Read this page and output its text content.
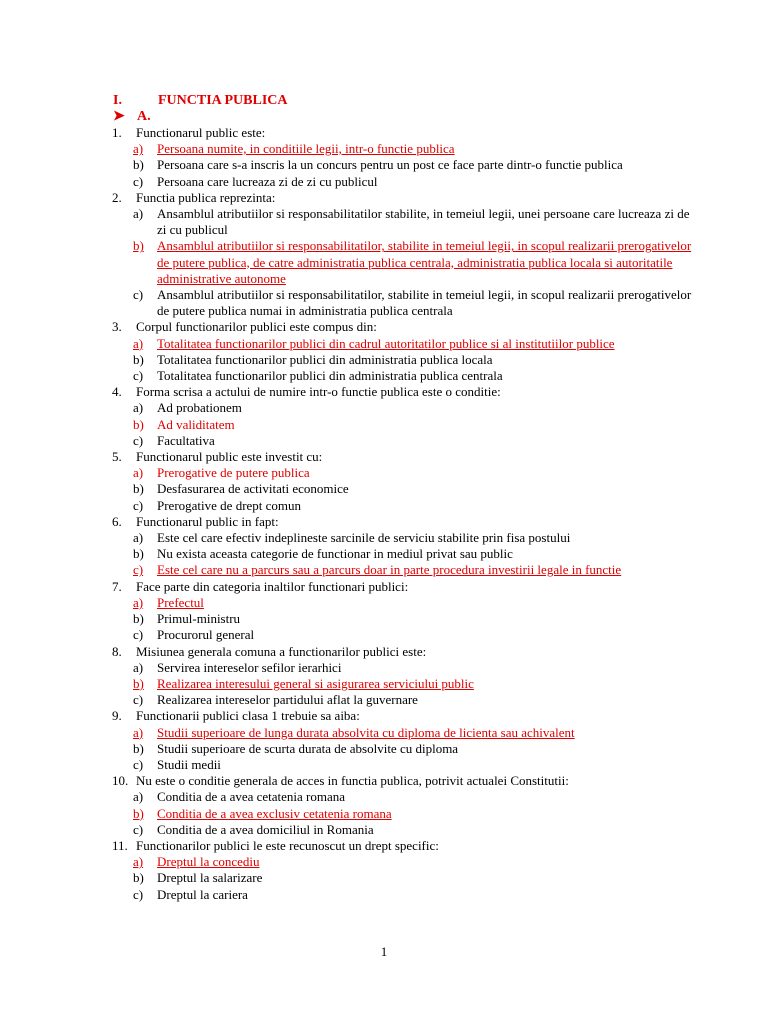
I.	FUNCTIA PUBLICA
➤ A.
1.	Functionarul public este:
a)	Persoana numite, in conditiile legii, intr-o functie publica
b)	Persoana care s-a inscris la un concurs pentru un post ce face parte dintr-o functie publica
c)	Persoana care lucreaza zi de zi cu publicul
2.	Functia publica reprezinta:
a)	Ansamblul atributiilor si responsabilitatilor stabilite, in temeiul legii, unei persoane care lucreaza zi de zi cu publicul
b)	Ansamblul atributiilor si responsabilitatilor, stabilite in temeiul legii, in scopul realizarii prerogativelor de putere publica, de catre administratia publica centrala, administratia publica locala si autoritatile administrative autonome
c)	Ansamblul atributiilor si responsabilitatilor, stabilite in temeiul legii, in scopul realizarii prerogativelor de putere publica numai in administratia publica centrala
3.	Corpul functionarilor publici este compus din:
a)	Totalitatea functionarilor publici din cadrul autoritatilor publice si al institutiilor publice
b)	Totalitatea functionarilor publici din administratia publica locala
c)	Totalitatea functionarilor publici din administratia publica centrala
4.	Forma scrisa a actului de numire intr-o functie publica este o conditie:
a)	Ad probationem
b)	Ad validitatem
c)	Facultativa
5.	Functionarul public este investit cu:
a)	Prerogative de putere publica
b)	Desfasurarea de activitati economice
c)	Prerogative de drept comun
6.	Functionarul public in fapt:
a)	Este cel care efectiv indeplineste sarcinile de serviciu stabilite prin fisa postului
b)	Nu exista aceasta categorie de functionar in mediul privat sau public
c)	Este cel care nu a parcurs sau a parcurs doar in parte procedura investirii legale in functie
7.	Face parte din categoria inaltilor functionari publici:
a)	Prefectul
b)	Primul-ministru
c)	Procurorul general
8.	Misiunea generala comuna a functionarilor publici este:
a)	Servirea intereselor sefilor ierarhici
b)	Realizarea interesului general si asigurarea serviciului public
c)	Realizarea intereselor partidului aflat la guvernare
9.	Functionarii publici clasa 1 trebuie sa aiba:
a)	Studii superioare de lunga durata absolvita cu diploma de licienta sau achivalent
b)	Studii superioare de scurta durata de absolvite cu diploma
c)	Studii medii
10. Nu este o conditie generala de acces in functia publica, potrivit actualei Constitutii:
a)	Conditia de a avea cetatenia romana
b)	Conditia de a avea exclusiv cetatenia romana
c)	Conditia de a avea domiciliul in Romania
11. Functionarilor publici le este recunoscut un drept specific:
a)	Dreptul la concediu
b)	Dreptul la salarizare
c)	Dreptul la cariera
1
